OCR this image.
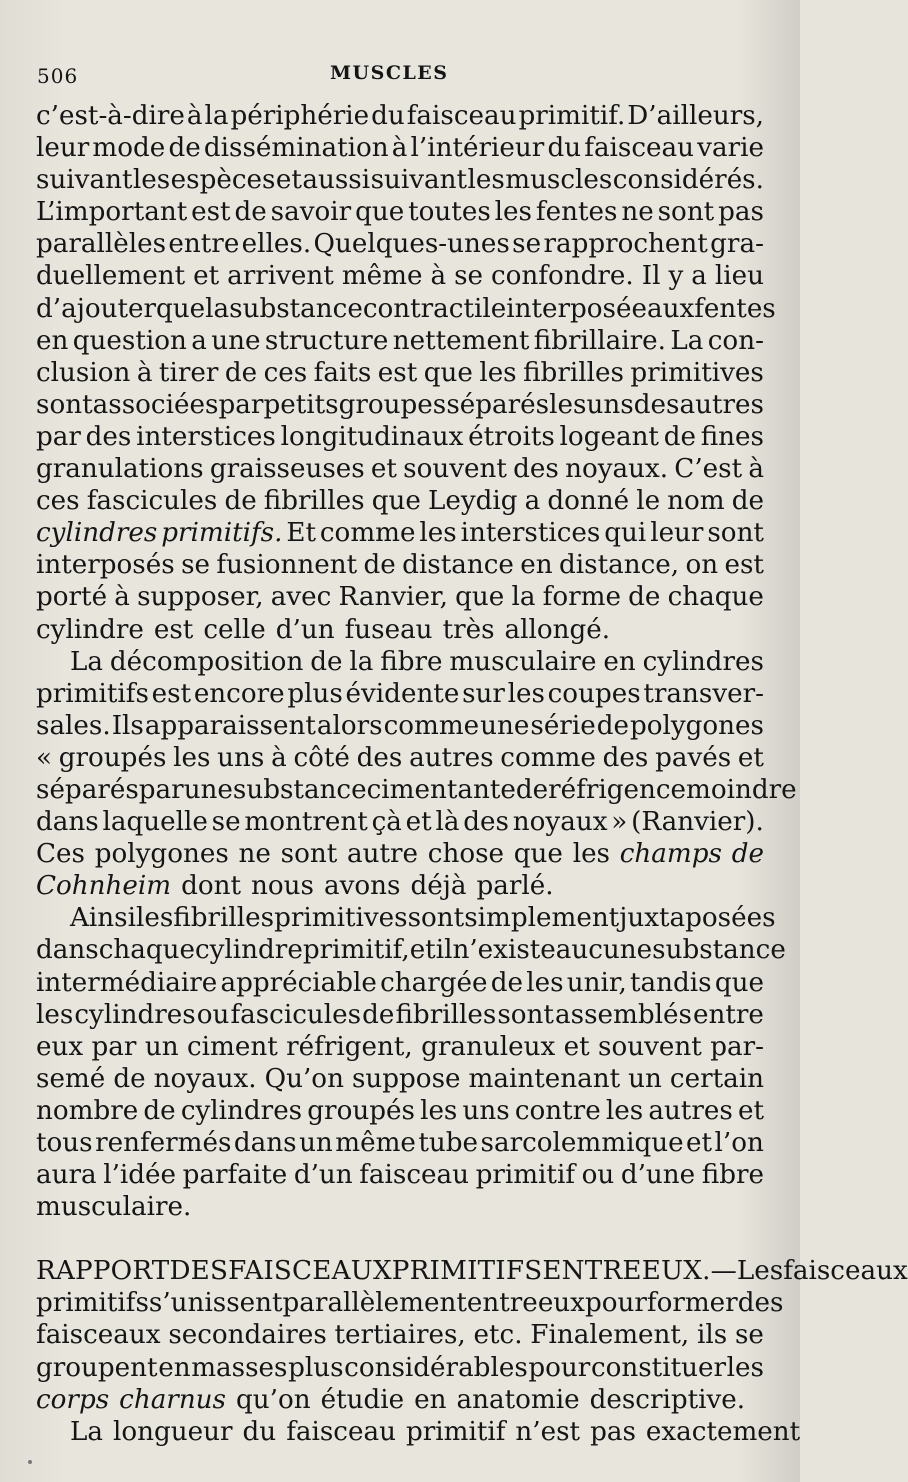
506	MUSCLES
c’est-à-dire à la périphérie du faisceau primitif. D’ailleurs,
leur mode de dissémination à l’intérieur du faisceau varie
suivant les espèces et aussi suivant les muscles considérés.
L’important est de savoir que toutes les fentes ne sont pas
parallèles entre elles. Quelques-unes se rapprochent gra-
duellement et arrivent même à se confondre. Il y a lieu
d’ajouter que la substance contractile interposée aux fentes
en question a une structure nettement fibrillaire. La con-
clusion à tirer de ces faits est que les fibrilles primitives
sont associées par petits groupes séparés les uns des autres
par des interstices longitudinaux étroits logeant de fines
granulations graisseuses et souvent des noyaux. C’est à
ces fascicules de fibrilles que Leydig a donné le nom de
cylindres primitifs. Et comme les interstices qui leur sont
interposés se fusionnent de distance en distance, on est
porté à supposer, avec Ranvier, que la forme de chaque
cylindre est celle d’un fuseau très allongé.
La décomposition de la fibre musculaire en cylindres
primitifs est encore plus évidente sur les coupes transver-
sales. Ils apparaissent alors comme une série de polygones
« groupés les uns à côté des autres comme des pavés et
séparés par une substance cimentante de réfrigence moindre
dans laquelle se montrent çà et là des noyaux » (Ranvier).
Ces polygones ne sont autre chose que les champs de
Cohnheim dont nous avons déjà parlé.
Ainsi les fibrilles primitives sont simplement juxtaposées
dans chaque cylindre primitif, et il n’existe aucune substance
intermédiaire appréciable chargée de les unir, tandis que
les cylindres ou fascicules de fibrilles sont assemblés entre
eux par un ciment réfrigent, granuleux et souvent par-
semé de noyaux. Qu’on suppose maintenant un certain
nombre de cylindres groupés les uns contre les autres et
tous renfermés dans un même tube sarcolemmique et l’on
aura l’idée parfaite d’un faisceau primitif ou d’une fibre
musculaire.
RAPPORT DES FAISCEAUX PRIMITIFS ENTRE EUX. — Les faisceaux
primitifs s’unissent parallèlement entre eux pour former des
faisceaux secondaires tertiaires, etc. Finalement, ils se
groupent en masses plus considérables pour constituer les
corps charnus qu’on étudie en anatomie descriptive.
La longueur du faisceau primitif n’est pas exactement
